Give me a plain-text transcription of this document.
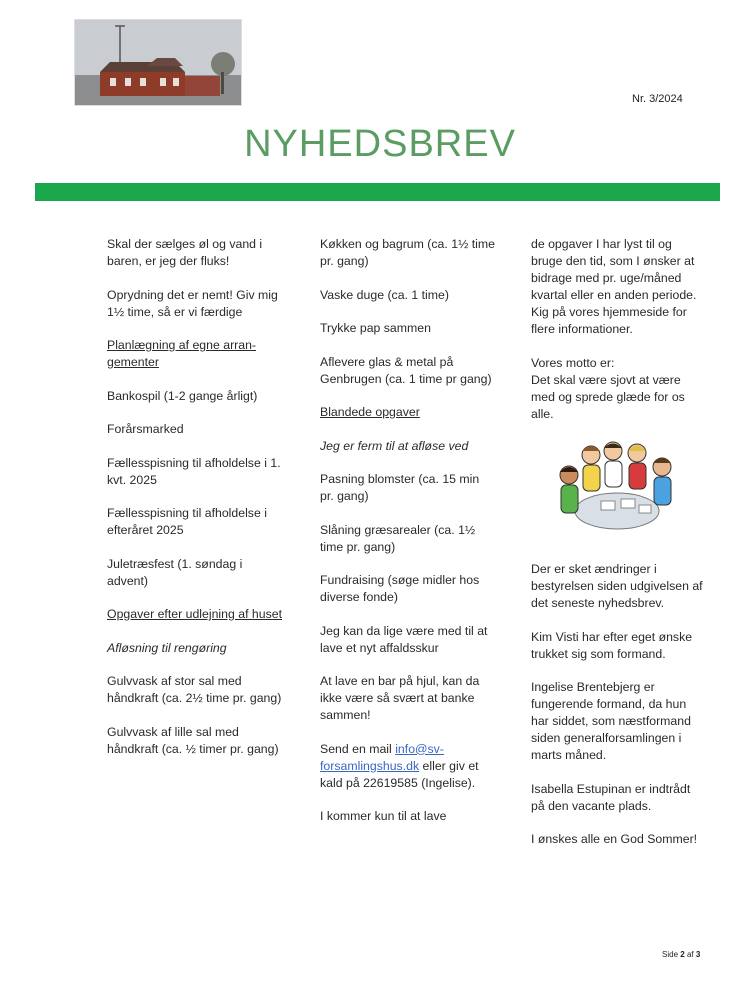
Nr. 3/2024
NYHEDSBREV

Skal der sælges øl og vand i baren, er jeg der fluks!

Oprydning det er nemt! Giv mig 1½ time, så er vi færdige

Planlægning af egne arran-gementer

Bankospil (1-2 gange årligt)

Forårsmarked

Fællesspisning til afholdelse i 1. kvt. 2025

Fællesspisning til afholdelse i efteråret 2025

Juletræsfest (1. søndag i advent)

Opgaver efter udlejning af huset

Afløsning til rengøring

Gulvvask af stor sal med håndkraft (ca. 2½ time pr. gang)

Gulvvask af lille sal med håndkraft (ca. ½ timer pr. gang)

Køkken og bagrum (ca. 1½ time pr. gang)

Vaske duge (ca. 1 time)

Trykke pap sammen

Aflevere glas & metal på Genbrugen (ca. 1 time pr gang)

Blandede opgaver

Jeg er ferm til at afløse ved

Pasning blomster (ca. 15 min pr. gang)

Slåning græsarealer (ca. 1½ time pr. gang)

Fundraising (søge midler hos diverse fonde)

Jeg kan da lige være med til at lave et nyt affaldsskur

At lave en bar på hjul, kan da ikke være så svært at banke sammen!

Send en mail info@sv-forsamlingshus.dk eller giv et kald på 22619585 (Ingelise).

I kommer kun til at lave

de opgaver I har lyst til og bruge den tid, som I ønsker at bidrage med pr. uge/måned kvartal eller en anden periode. Kig på vores hjemmeside for flere informationer.

Vores motto er:
Det skal være sjovt at være med og sprede glæde for os alle.

Der er sket ændringer i bestyrelsen siden udgivelsen af det seneste nyhedsbrev.

Kim Visti har efter eget ønske trukket sig som formand.

Ingelise Brentebjerg er fungerende formand, da hun har siddet, som næstformand siden generalforsamlingen i marts måned.

Isabella Estupinan er indtrådt på den vacante plads.

I ønskes alle en God Sommer!

Side 2 af 3
